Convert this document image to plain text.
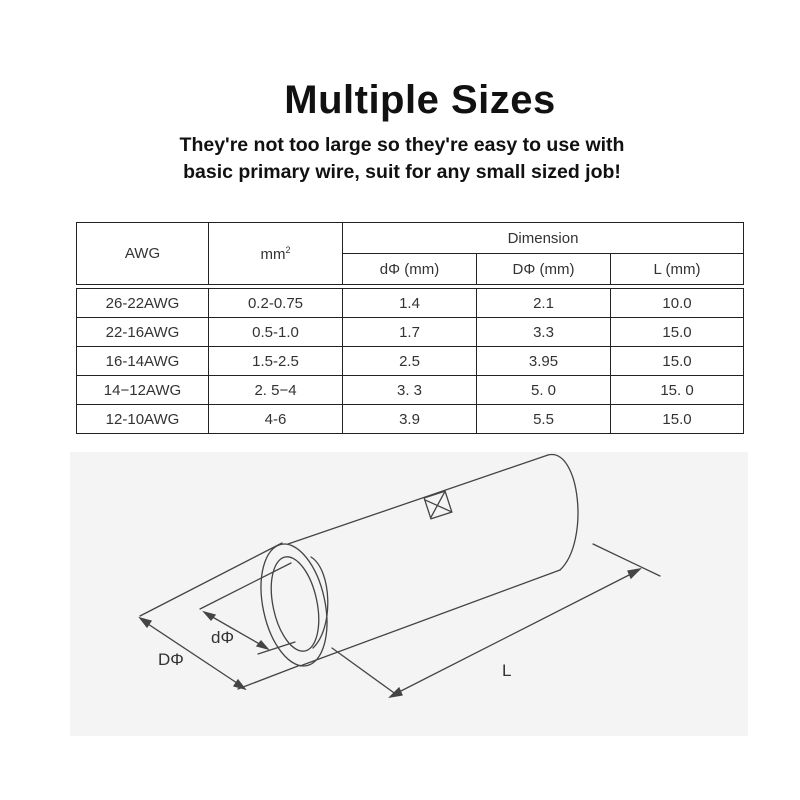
Multiple Sizes
They're not too large so they're easy to use with
basic primary wire, suit for any small sized job!
AWG	$mm^2$	Dimension		
		dΦ (mm)	DΦ (mm)	L (mm)

26-22AWG	0.2-0.75	1.4	2.1	10.0
22-16AWG	0.5-1.0	1.7	3.3	15.0
16-14AWG	1.5-2.5	2.5	3.95	15.0
14−12AWG	2. 5−4	3. 3	5. 0	15. 0
12-10AWG	4-6	3.9	5.5	15.0
dΦ
DΦ
L
